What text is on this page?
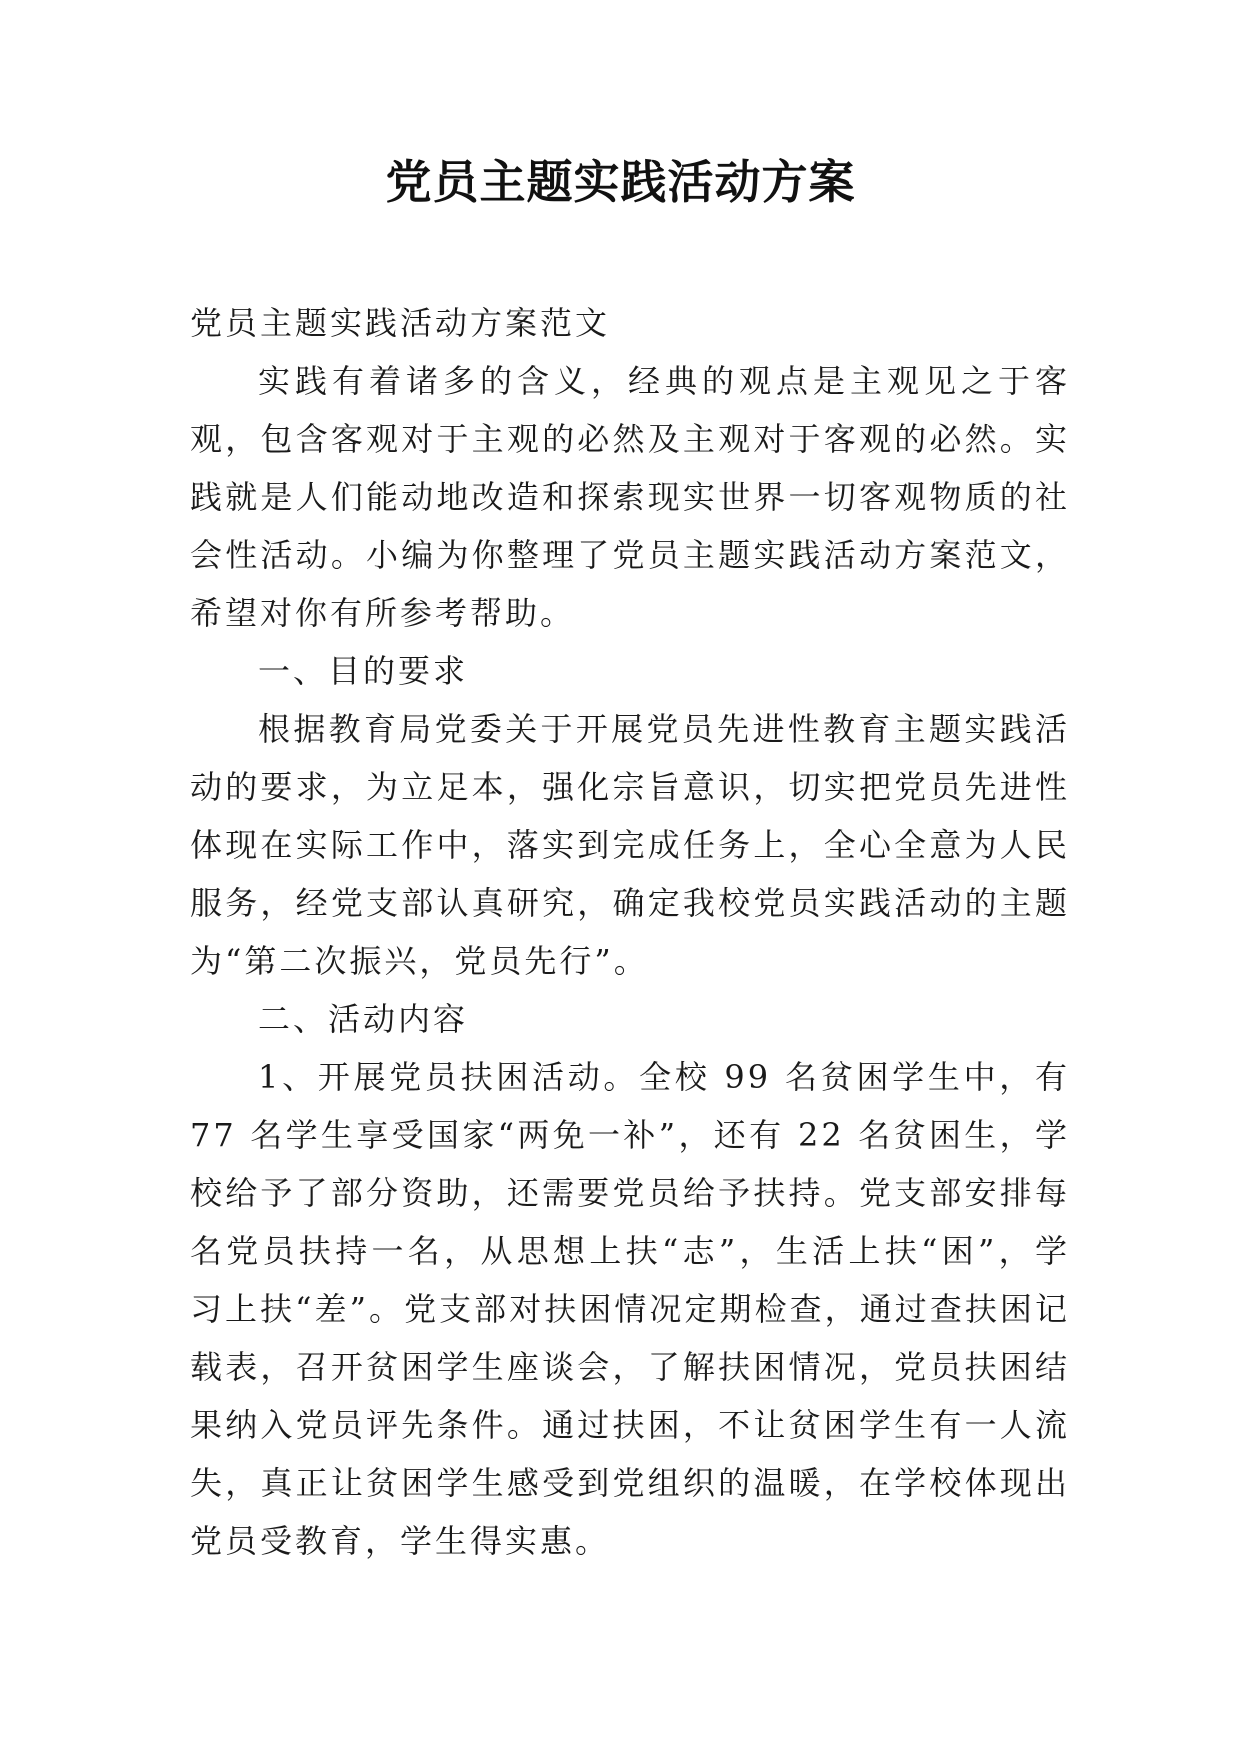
党员主题实践活动方案

党员主题实践活动方案范文

实践有着诸多的含义，经典的观点是主观见之于客观，包含客观对于主观的必然及主观对于客观的必然。实践就是人们能动地改造和探索现实世界一切客观物质的社会性活动。小编为你整理了党员主题实践活动方案范文，希望对你有所参考帮助。

一、目的要求

根据教育局党委关于开展党员先进性教育主题实践活动的要求，为立足本，强化宗旨意识，切实把党员先进性体现在实际工作中，落实到完成任务上，全心全意为人民服务，经党支部认真研究，确定我校党员实践活动的主题为“第二次振兴，党员先行”。

二、活动内容

1、开展党员扶困活动。全校 99 名贫困学生中，有 77 名学生享受国家“两免一补”，还有 22 名贫困生，学校给予了部分资助，还需要党员给予扶持。党支部安排每名党员扶持一名，从思想上扶“志”，生活上扶“困”，学习上扶“差”。党支部对扶困情况定期检查，通过查扶困记载表，召开贫困学生座谈会，了解扶困情况，党员扶困结果纳入党员评先条件。通过扶困，不让贫困学生有一人流失，真正让贫困学生感受到党组织的温暖，在学校体现出党员受教育，学生得实惠。
